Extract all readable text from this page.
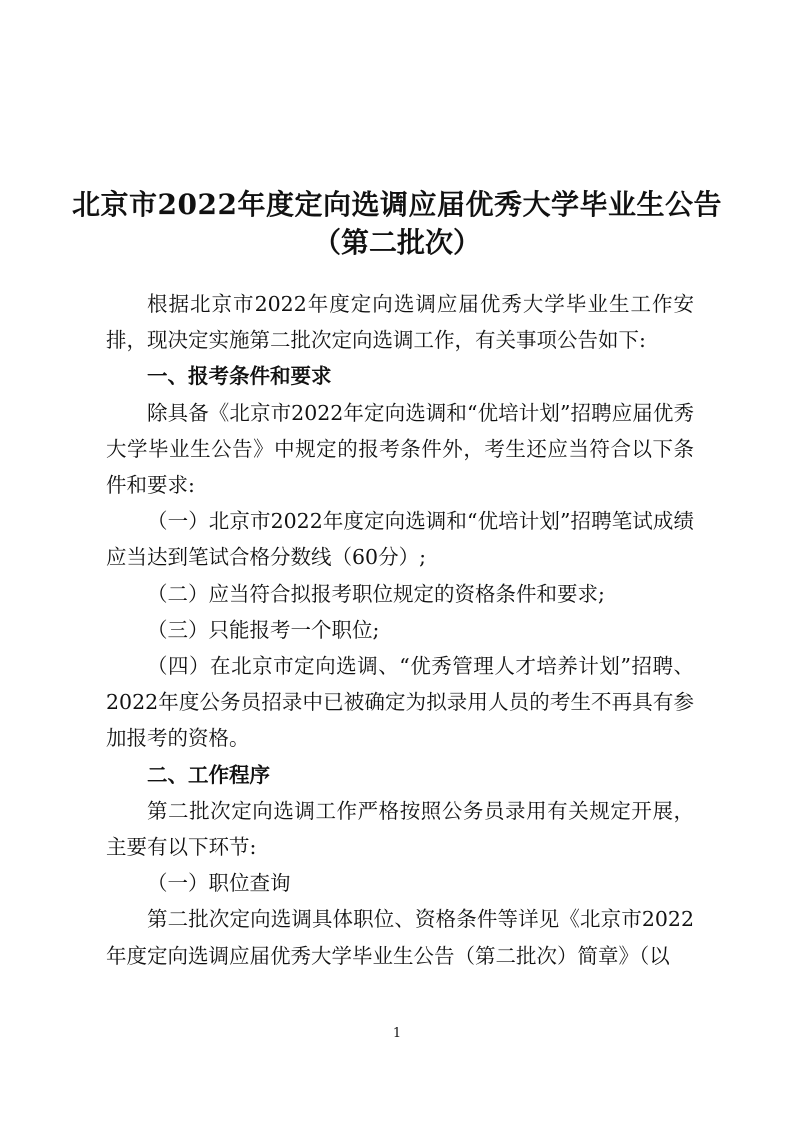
北京市2022年度定向选调应届优秀大学毕业生公告
（第二批次）

根据北京市2022年度定向选调应届优秀大学毕业生工作安排，现决定实施第二批次定向选调工作，有关事项公告如下:

一、报考条件和要求

除具备《北京市2022年定向选调和“优培计划”招聘应届优秀大学毕业生公告》中规定的报考条件外，考生还应当符合以下条件和要求:

（一）北京市2022年度定向选调和“优培计划”招聘笔试成绩应当达到笔试合格分数线（60分）;

（二）应当符合拟报考职位规定的资格条件和要求;

（三）只能报考一个职位;

（四）在北京市定向选调、“优秀管理人才培养计划”招聘、2022年度公务员招录中已被确定为拟录用人员的考生不再具有参加报考的资格。

二、工作程序

第二批次定向选调工作严格按照公务员录用有关规定开展，主要有以下环节:

（一）职位查询

第二批次定向选调具体职位、资格条件等详见《北京市2022年度定向选调应届优秀大学毕业生公告（第二批次）简章》（以

1
